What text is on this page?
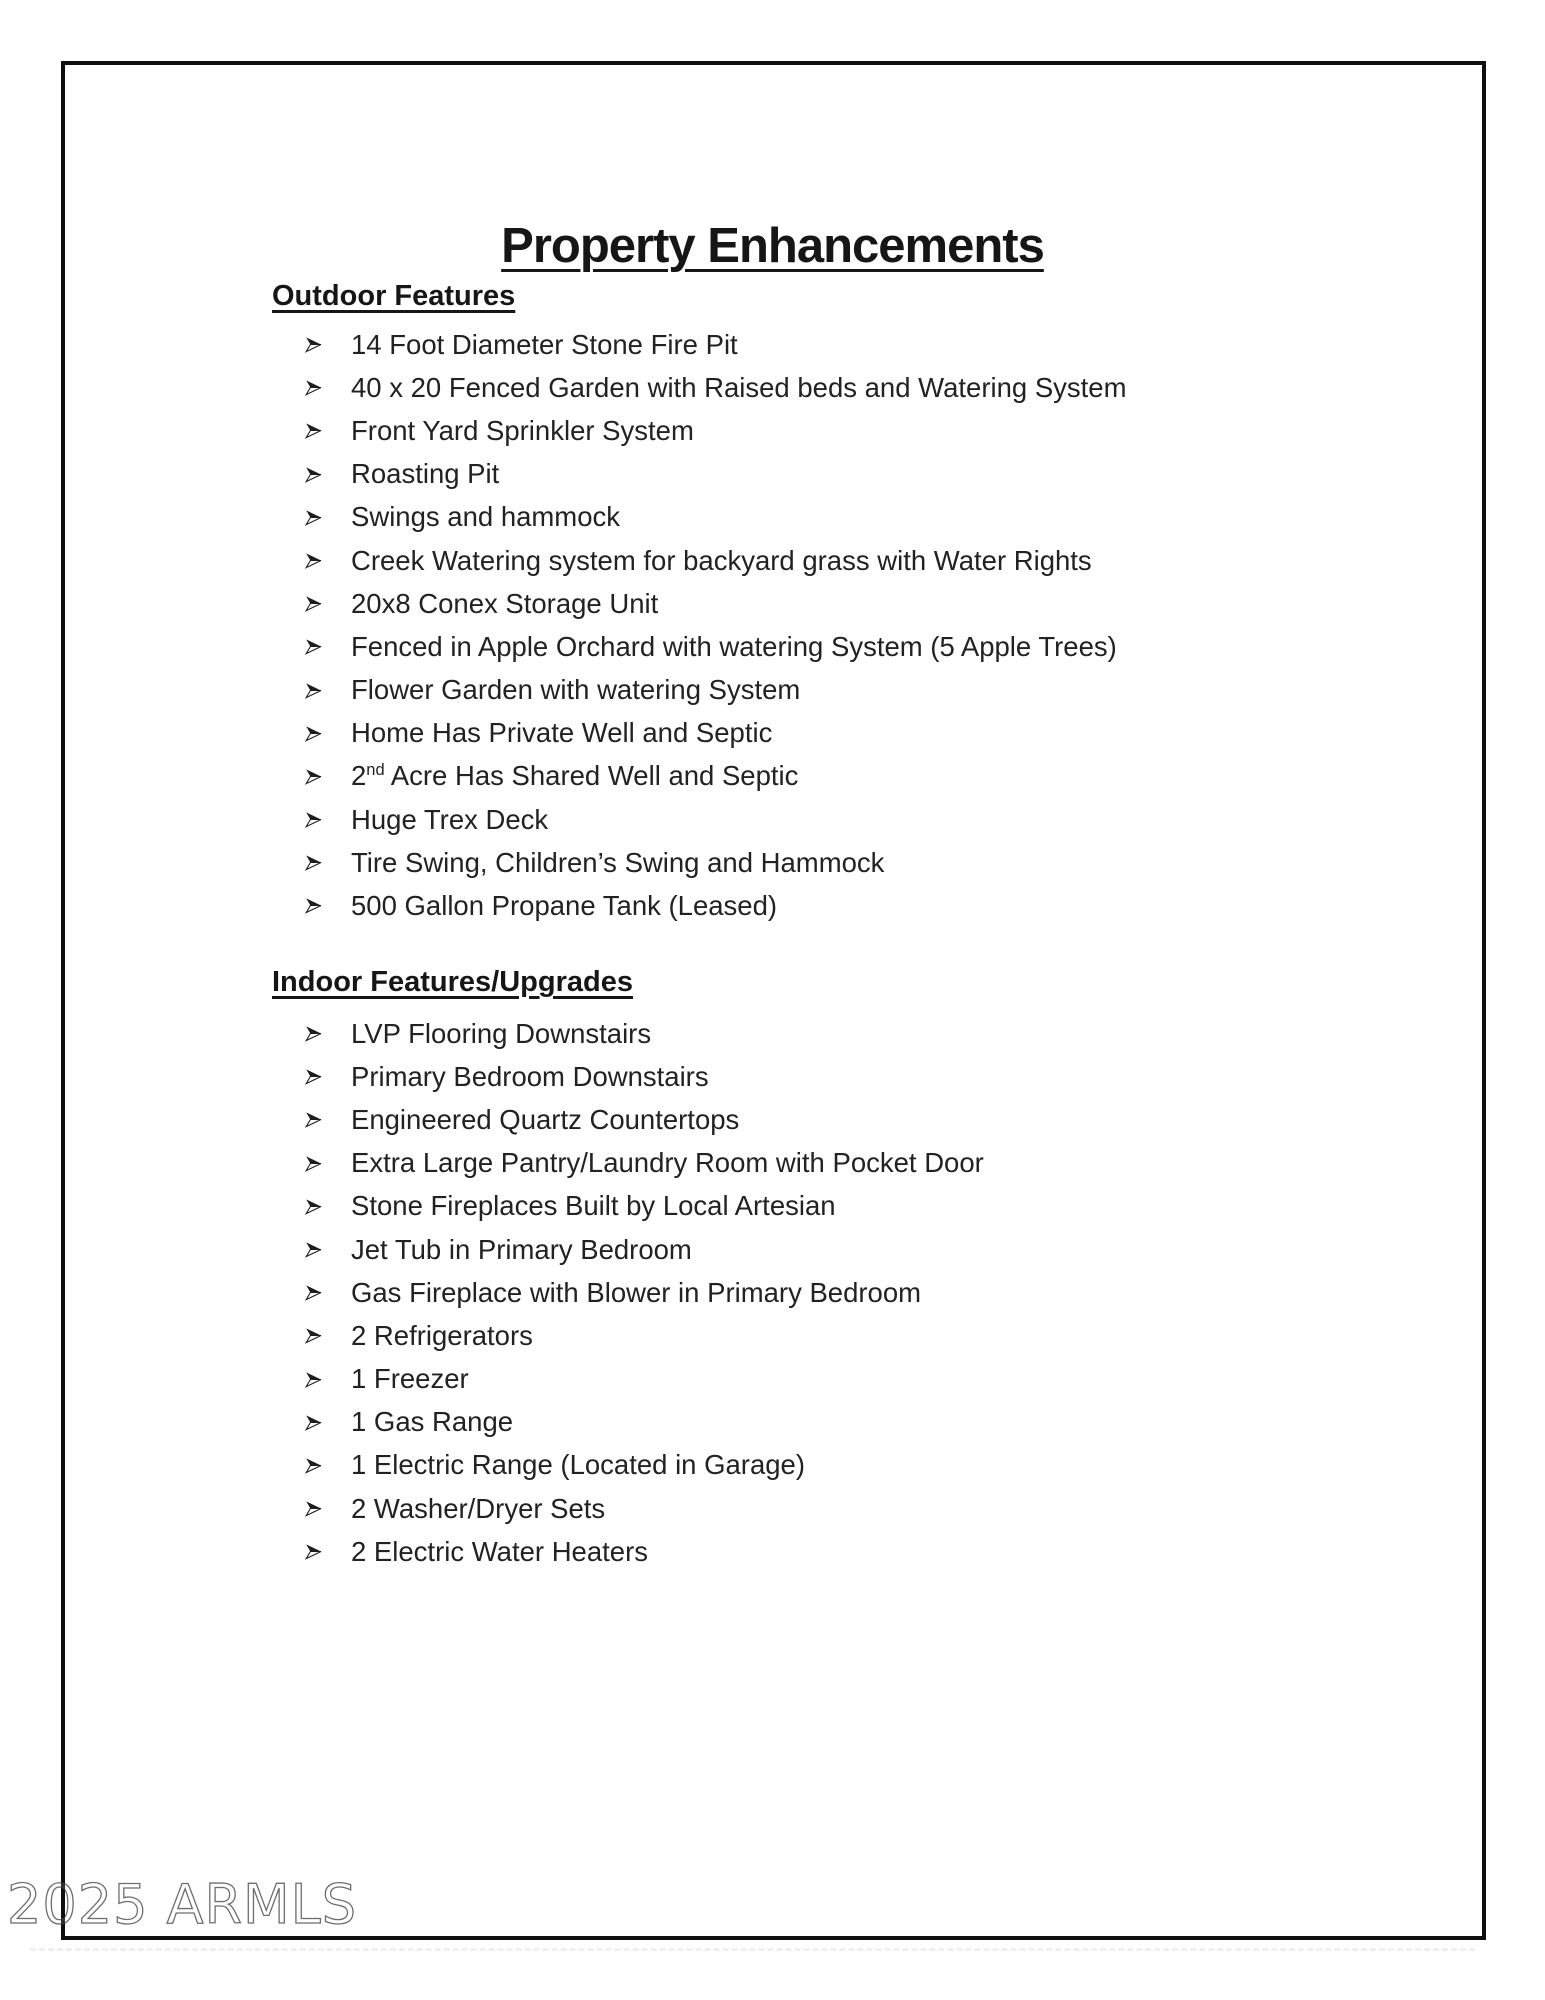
Property Enhancements
Outdoor Features
14 Foot Diameter Stone Fire Pit
40 x 20 Fenced Garden with Raised beds and Watering System
Front Yard Sprinkler System
Roasting Pit
Swings and hammock
Creek Watering system for backyard grass with Water Rights
20x8 Conex Storage Unit
Fenced in Apple Orchard with watering System (5 Apple Trees)
Flower Garden with watering System
Home Has Private Well and Septic
2nd Acre Has Shared Well and Septic
Huge Trex Deck
Tire Swing, Children’s Swing and Hammock
500 Gallon Propane Tank (Leased)
Indoor Features/Upgrades
LVP Flooring Downstairs
Primary Bedroom Downstairs
Engineered Quartz Countertops
Extra Large Pantry/Laundry Room with Pocket Door
Stone Fireplaces Built by Local Artesian
Jet Tub in Primary Bedroom
Gas Fireplace with Blower in Primary Bedroom
2 Refrigerators
1 Freezer
1 Gas Range
1 Electric Range (Located in Garage)
2 Washer/Dryer Sets
2 Electric Water Heaters
2025 ARMLS
